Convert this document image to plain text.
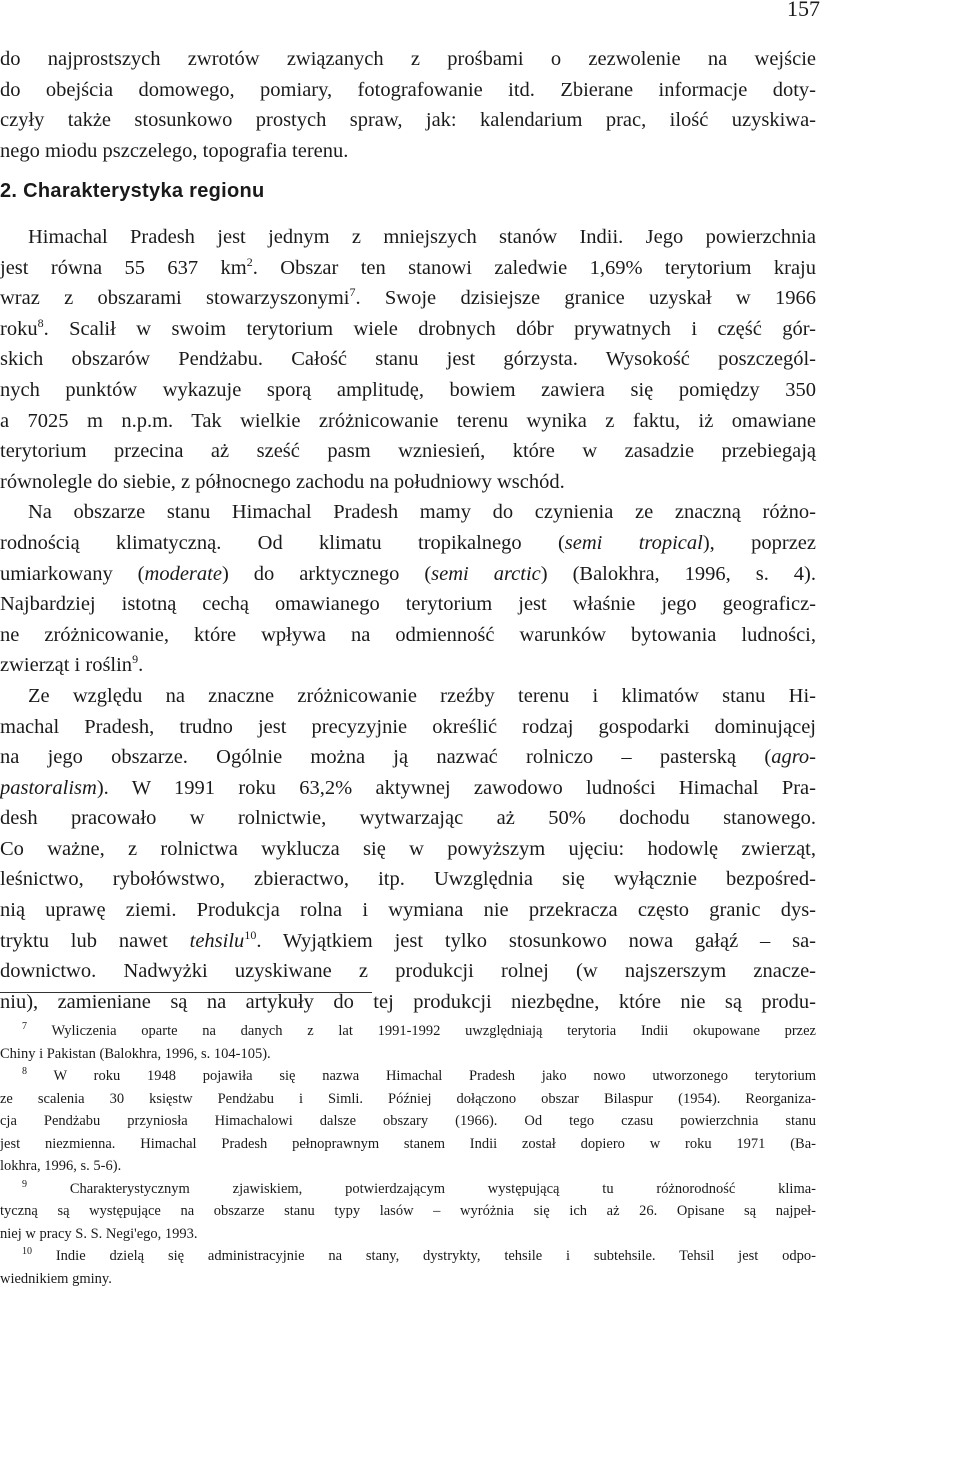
157

do najprostszych zwrotów związanych z prośbami o zezwolenie na wejście

do obejścia domowego, pomiary, fotografowanie itd. Zbierane informacje doty-

czyły także stosunkowo prostych spraw, jak: kalendarium prac, ilość uzyskiwa-

nego miodu pszczelego, topografia terenu.

2. Charakterystyka regionu

Himachal Pradesh jest jednym z mniejszych stanów Indii. Jego powierzchnia

jest równa 55 637 $km^2$. Obszar ten stanowi zaledwie 1,69% terytorium kraju

wraz z obszarami stowarzyszonymi$^7$. Swoje dzisiejsze granice uzyskał w 1966

roku$^8$. Scalił w swoim terytorium wiele drobnych dóbr prywatnych i część gór-

skich obszarów Pendżabu. Całość stanu jest górzysta. Wysokość poszczegól-

nych punktów wykazuje sporą amplitudę, bowiem zawiera się pomiędzy 350

a 7025 m n.p.m. Tak wielkie zróżnicowanie terenu wynika z faktu, iż omawiane

terytorium przecina aż sześć pasm wzniesień, które w zasadzie przebiegają

równolegle do siebie, z północnego zachodu na południowy wschód.

Na obszarze stanu Himachal Pradesh mamy do czynienia ze znaczną różno-

rodnością klimatyczną. Od klimatu tropikalnego (semi tropical), poprzez

umiarkowany (moderate) do arktycznego (semi arctic) (Balokhra, 1996, s. 4).

Najbardziej istotną cechą omawianego terytorium jest właśnie jego geograficz-

ne zróżnicowanie, które wpływa na odmienność warunków bytowania ludności,

zwierząt i roślin$^9$.

Ze względu na znaczne zróżnicowanie rzeźby terenu i klimatów stanu Hi-

machal Pradesh, trudno jest precyzyjnie określić rodzaj gospodarki dominującej

na jego obszarze. Ogólnie można ją nazwać rolniczo – pasterską (agro-

pastoralism). W 1991 roku 63,2% aktywnej zawodowo ludności Himachal Pra-

desh pracowało w rolnictwie, wytwarzając aż 50% dochodu stanowego.

Co ważne, z rolnictwa wyklucza się w powyższym ujęciu: hodowlę zwierząt,

leśnictwo, rybołówstwo, zbieractwo, itp. Uwzględnia się wyłącznie bezpośred-

nią uprawę ziemi. Produkcja rolna i wymiana nie przekracza często granic dys-

tryktu lub nawet tehsilu$^{10}$. Wyjątkiem jest tylko stosunkowo nowa gałąź – sa-

downictwo. Nadwyżki uzyskiwane z produkcji rolnej (w najszerszym znacze-

niu), zamieniane są na artykuły do tej produkcji niezbędne, które nie są produ-

$^7$ Wyliczenia oparte na danych z lat 1991-1992 uwzględniają terytoria Indii okupowane przez

Chiny i Pakistan (Balokhra, 1996, s. 104-105).

$^8$ W roku 1948 pojawiła się nazwa Himachal Pradesh jako nowo utworzonego terytorium

ze scalenia 30 księstw Pendżabu i Simli. Później dołączono obszar Bilaspur (1954). Reorganiza-

cja Pendżabu przyniosła Himachalowi dalsze obszary (1966). Od tego czasu powierzchnia stanu

jest niezmienna. Himachal Pradesh pełnoprawnym stanem Indii został dopiero w roku 1971 (Ba-

lokhra, 1996, s. 5-6).

$^9$	Charakterystycznym zjawiskiem, potwierdzającym występującą tu różnorodność klima-

tyczną są występujące na obszarze stanu typy lasów – wyróżnia się ich aż 26. Opisane są najpeł-

niej w pracy S. S. Negi'ego, 1993.

$^{10}$ Indie dzielą się administracyjnie na stany, dystrykty, tehsile i subtehsile. Tehsil jest odpo-

wiednikiem gminy.
